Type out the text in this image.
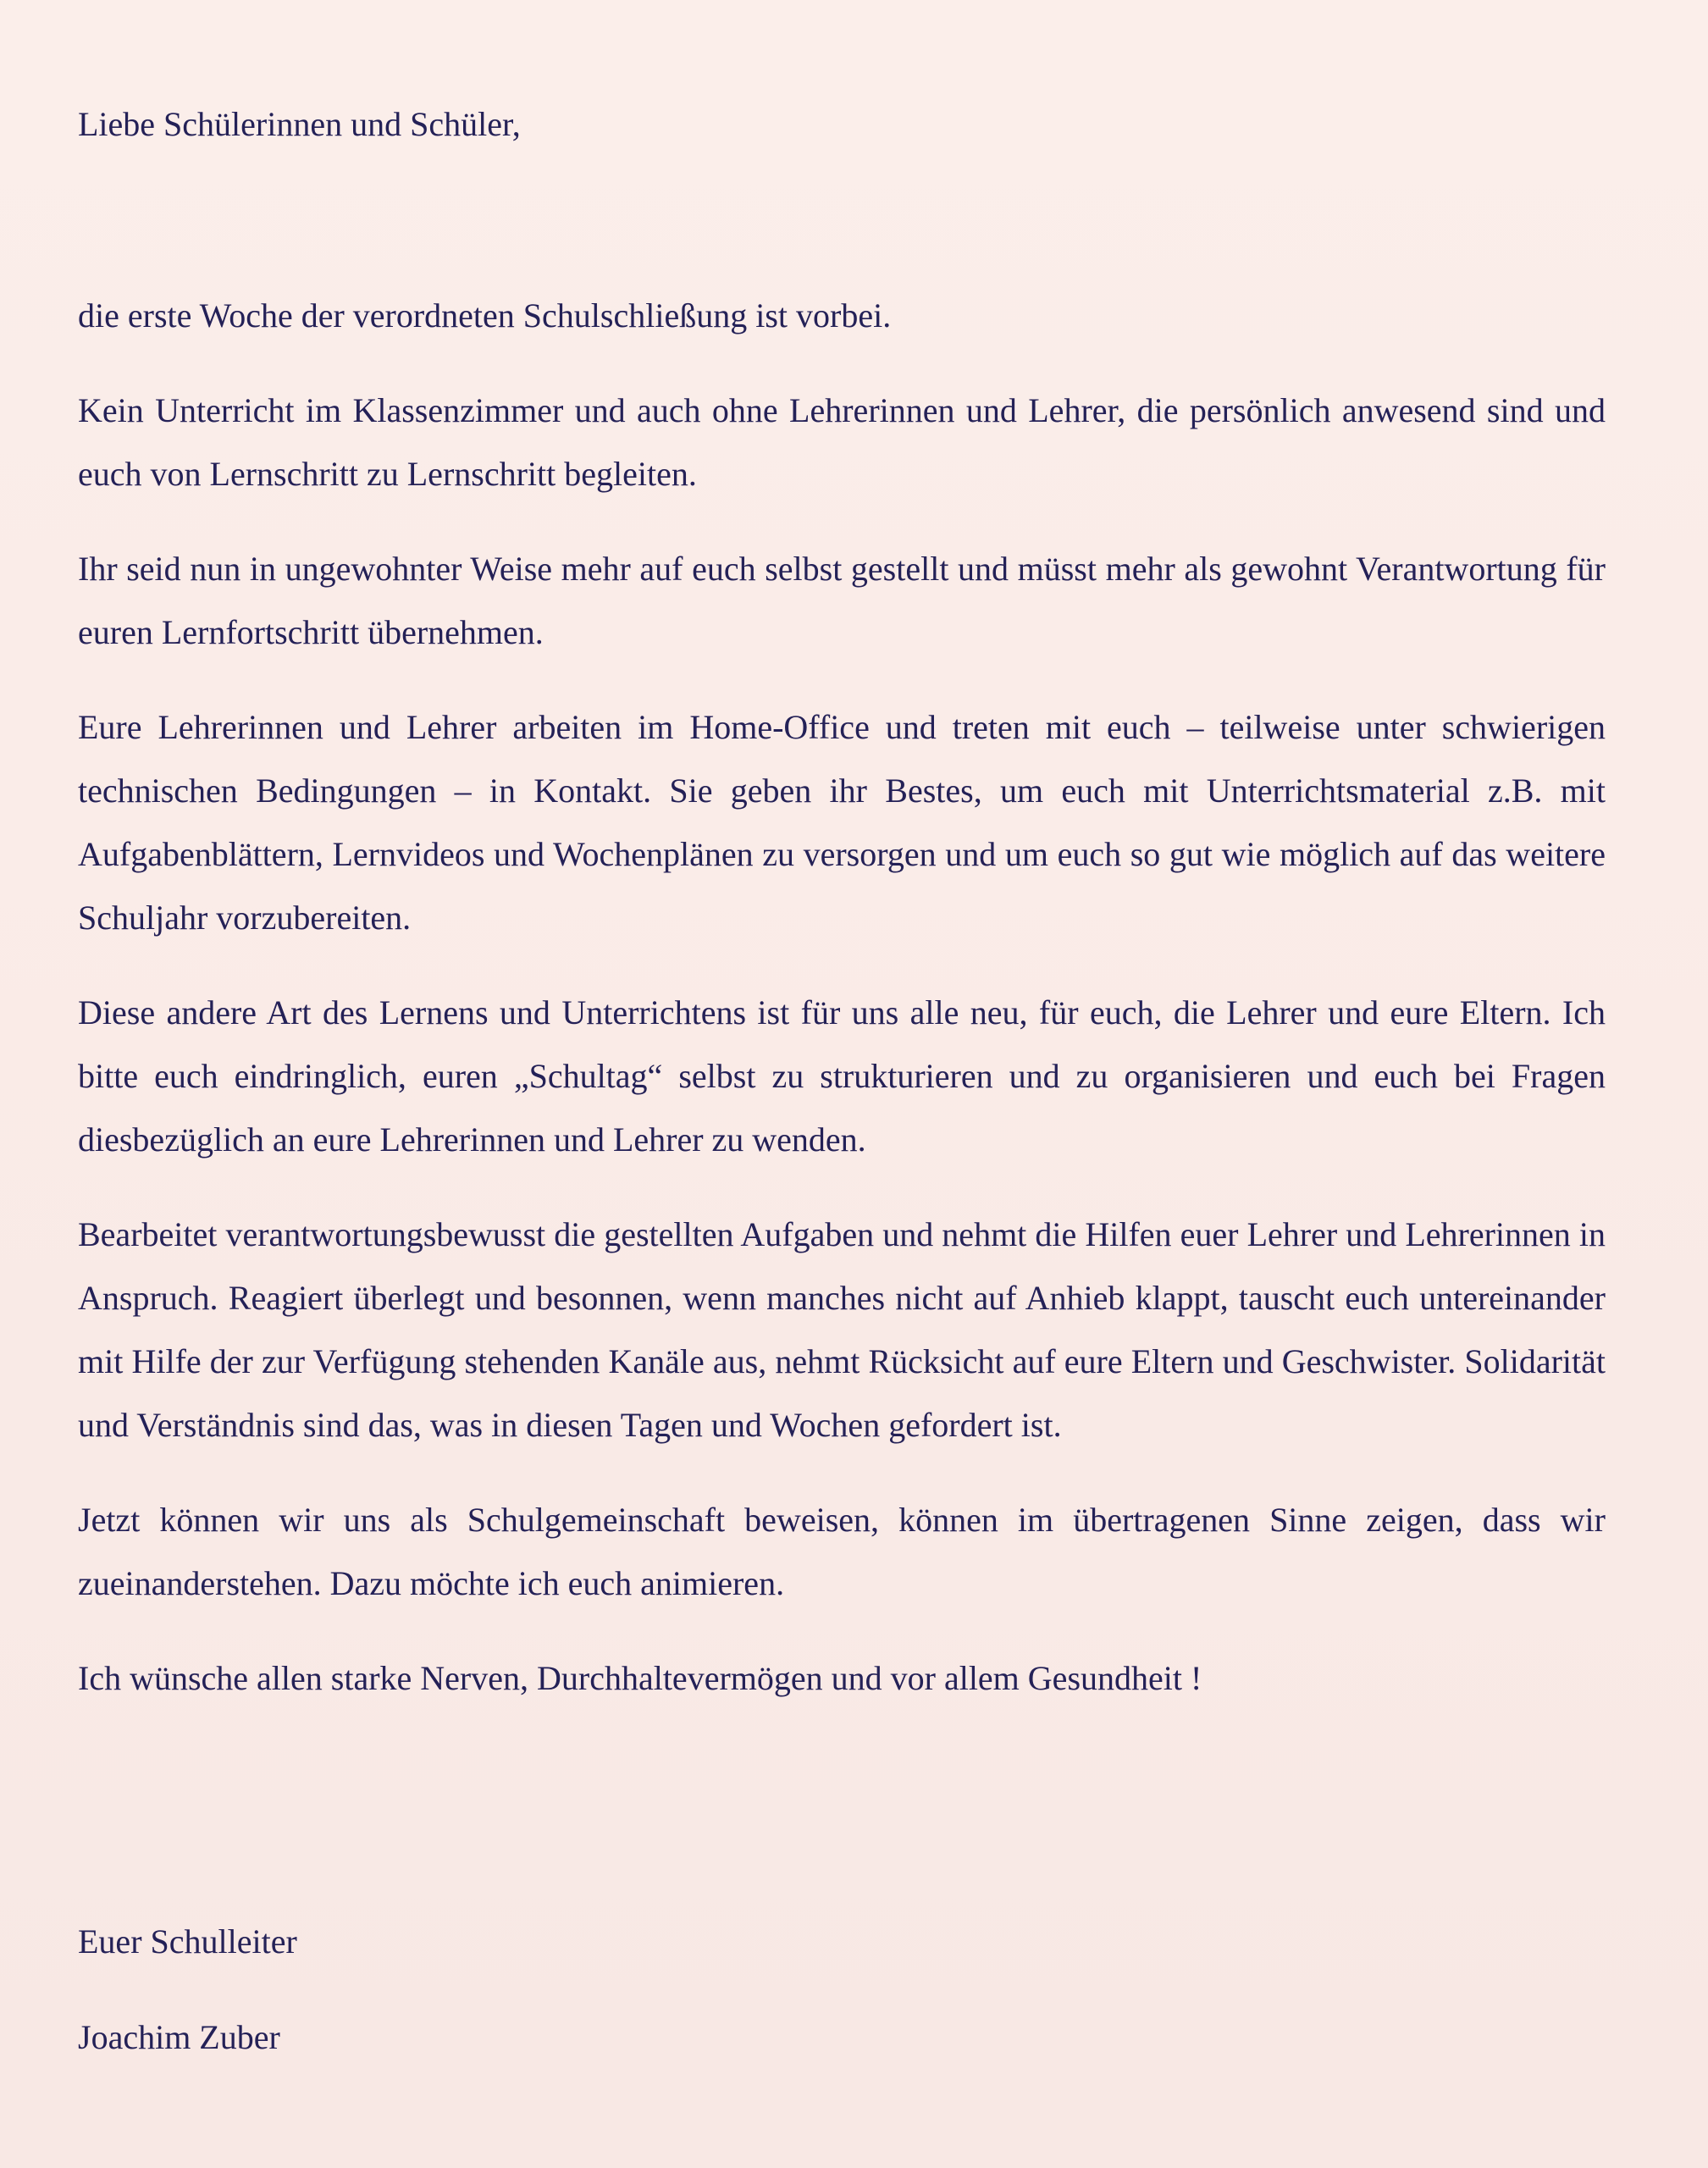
Liebe Schülerinnen und Schüler,

die erste Woche der verordneten Schulschließung ist vorbei.

Kein Unterricht im Klassenzimmer und auch ohne Lehrerinnen und Lehrer, die persönlich anwesend sind und euch von Lernschritt zu Lernschritt begleiten.

Ihr seid nun in ungewohnter Weise mehr auf euch selbst gestellt und müsst mehr als gewohnt Verantwortung für euren Lernfortschritt übernehmen.

Eure Lehrerinnen und Lehrer arbeiten im Home-Office und treten mit euch – teilweise unter schwierigen technischen Bedingungen – in Kontakt. Sie geben ihr Bestes, um euch mit Unterrichtsmaterial z.B. mit Aufgabenblättern, Lernvideos und Wochenplänen zu versorgen und um euch so gut wie möglich auf das weitere Schuljahr vorzubereiten.

Diese andere Art des Lernens und Unterrichtens ist für uns alle neu, für euch, die Lehrer und eure Eltern. Ich bitte euch eindringlich, euren „Schultag“ selbst zu strukturieren und zu organisieren und euch bei Fragen diesbezüglich an eure Lehrerinnen und Lehrer zu wenden.

Bearbeitet verantwortungsbewusst die gestellten Aufgaben und nehmt die Hilfen euer Lehrer und Lehrerinnen in Anspruch. Reagiert überlegt und besonnen, wenn manches nicht auf Anhieb klappt, tauscht euch untereinander mit Hilfe der zur Verfügung stehenden Kanäle aus, nehmt Rücksicht auf eure Eltern und Geschwister. Solidarität und Verständnis sind das, was in diesen Tagen und Wochen gefordert ist.

Jetzt können wir uns als Schulgemeinschaft beweisen, können im übertragenen Sinne zeigen, dass wir zueinanderstehen. Dazu möchte ich euch animieren.

Ich wünsche allen starke Nerven, Durchhaltevermögen und vor allem Gesundheit !

Euer Schulleiter
Joachim Zuber
